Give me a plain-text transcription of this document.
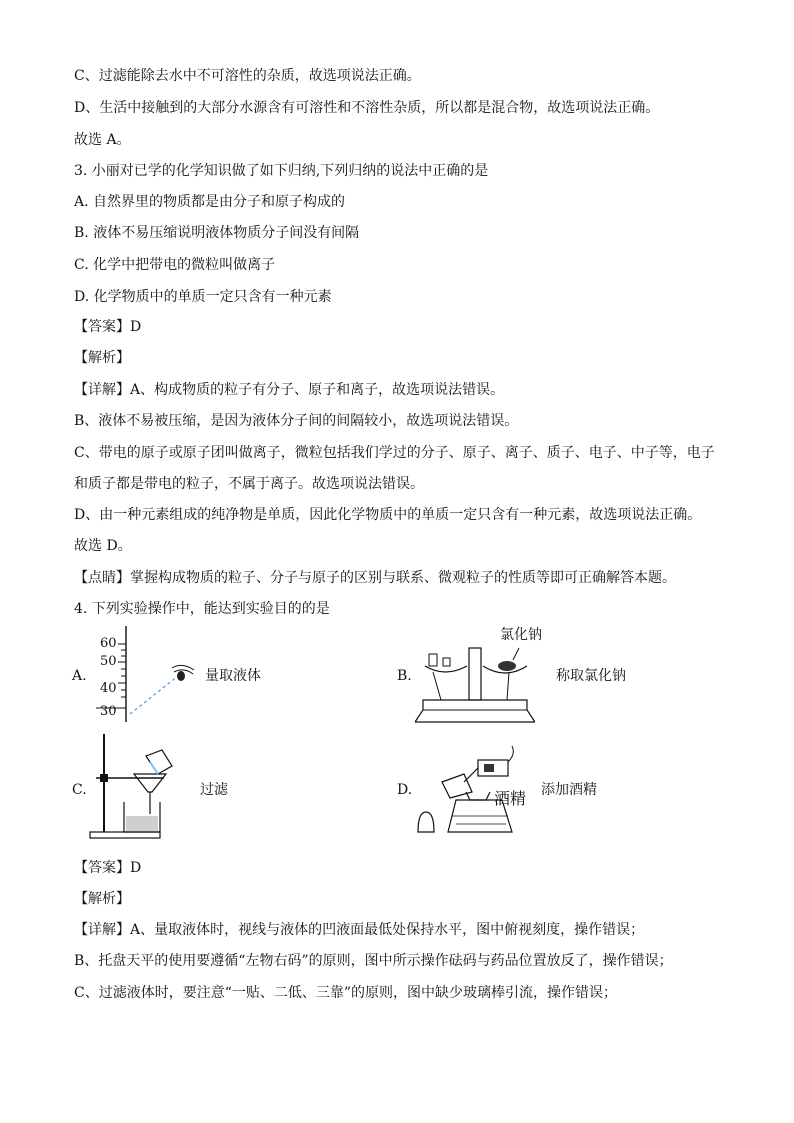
C、过滤能除去水中不可溶性的杂质，故选项说法正确。
D、生活中接触到的大部分水源含有可溶性和不溶性杂质，所以都是混合物，故选项说法正确。
故选 A。
3. 小丽对已学的化学知识做了如下归纳,下列归纳的说法中正确的是
A. 自然界里的物质都是由分子和原子构成的
B. 液体不易压缩说明液体物质分子间没有间隔
C. 化学中把带电的微粒叫做离子
D. 化学物质中的单质一定只含有一种元素
【答案】D
【解析】
【详解】A、构成物质的粒子有分子、原子和离子，故选项说法错误。
B、液体不易被压缩，是因为液体分子间的间隔较小，故选项说法错误。
C、带电的原子或原子团叫做离子，微粒包括我们学过的分子、原子、离子、质子、电子、中子等，电子
和质子都是带电的粒子，不属于离子。故选项说法错误。
D、由一种元素组成的纯净物是单质，因此化学物质中的单质一定只含有一种元素，故选项说法正确。
故选 D。
【点睛】掌握构成物质的粒子、分子与原子的区别与联系、微观粒子的性质等即可正确解答本题。
4. 下列实验操作中，能达到实验目的的是
A.
60
50
40
30
量取液体	B.
氯化钠
称取氯化钠
C.	过滤	D.	酒精 添加酒精
【答案】D
【解析】
【详解】A、量取液体时，视线与液体的凹液面最低处保持水平，图中俯视刻度，操作错误；
B、托盘天平的使用要遵循“左物右码”的原则，图中所示操作砝码与药品位置放反了，操作错误；
C、过滤液体时，要注意“一贴、二低、三靠”的原则，图中缺少玻璃棒引流，操作错误；
